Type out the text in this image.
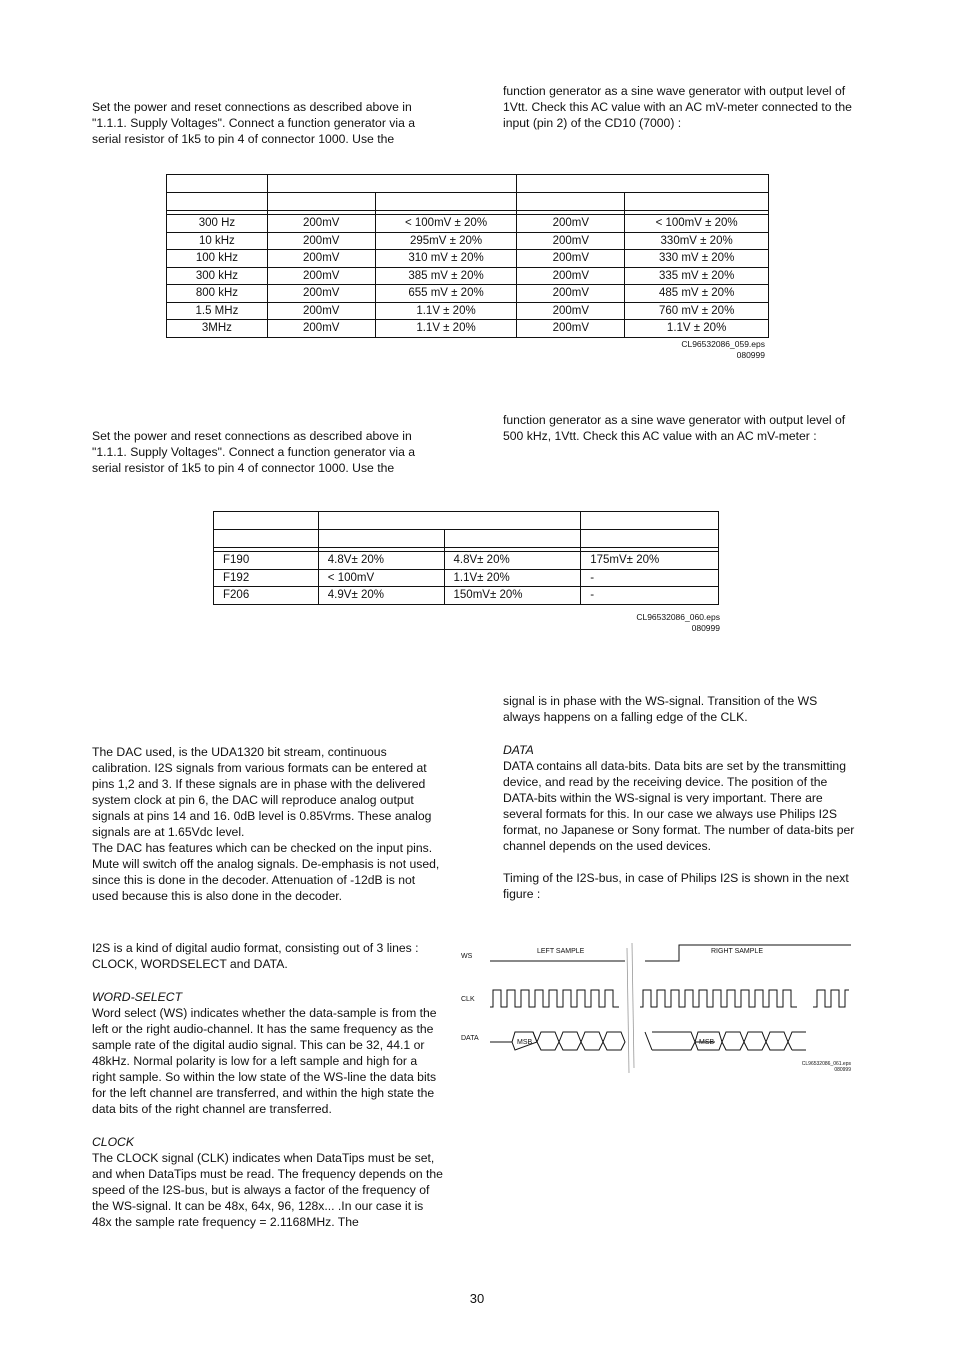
Set the power and reset connections as described above in "1.1.1. Supply Voltages". Connect a function generator via a serial resistor of 1k5 to pin 4 of connector 1000. Use the

function generator as a sine wave generator with output level of 1Vtt. Check this AC value with an AC mV-meter connected to the input (pin 2) of the CD10 (7000) :

300 Hz	200mV	< 100mV ± 20%	200mV	< 100mV ± 20%
10 kHz	200mV	295mV ± 20%	200mV	330mV ± 20%
100 kHz	200mV	310 mV ± 20%	200mV	330 mV ± 20%
300 kHz	200mV	385 mV ± 20%	200mV	335 mV ± 20%
800 kHz	200mV	655 mV ± 20%	200mV	485 mV ± 20%
1.5 MHz	200mV	1.1V ± 20%	200mV	760 mV ± 20%
3MHz	200mV	1.1V ± 20%	200mV	1.1V ± 20%
CL96532086_059.eps
080999

Set the power and reset connections as described above in "1.1.1. Supply Voltages". Connect a function generator via a serial resistor of 1k5 to pin 4 of connector 1000. Use the

function generator as a sine wave generator with output level of 500 kHz, 1Vtt. Check this AC value with an AC mV-meter :

F190	4.8V± 20%	4.8V± 20%	175mV± 20%
F192	< 100mV	1.1V± 20%	-
F206	4.9V± 20%	150mV± 20%	-
CL96532086_060.eps
080999

The DAC used, is the UDA1320 bit stream, continuous calibration. I2S signals from various formats can be entered at pins 1,2 and 3. If these signals are in phase with the delivered system clock at pin 6, the DAC will reproduce analog output signals at pins 14 and 16. 0dB level is 0.85Vrms. These analog signals are at 1.65Vdc level.

The DAC has features which can be checked on the input pins. Mute will switch off the analog signals. De-emphasis is not used, since this is done in the decoder. Attenuation of -12dB is not used because this is also done in the decoder.

I2S is a kind of digital audio format, consisting out of 3 lines : CLOCK, WORDSELECT and DATA.

WORD-SELECT

Word select (WS) indicates whether the data-sample is from the left or the right audio-channel. It has the same frequency as the sample rate of the digital audio signal. This can be 32, 44.1 or 48kHz. Normal polarity is low for a left sample and high for a right sample. So within the low state of the WS-line the data bits for the left channel are transferred, and within the high state the data bits of the right channel are transferred.

CLOCK

The CLOCK signal (CLK) indicates when DataTips must be set, and when DataTips must be read. The frequency depends on the speed of the I2S-bus, but is always a factor of the frequency of the WS-signal. It can be 48x, 64x, 96, 128x... .In our case it is 48x the sample rate frequency = 2.1168MHz. The

signal is in phase with the WS-signal. Transition of the WS always happens on a falling edge of the CLK.

DATA

DATA contains all data-bits. Data bits are set by the transmitting device, and read by the receiving device. The position of the DATA-bits within the WS-signal is very important. There are several formats for this. In our case we always use Philips I2S format, no Japanese or Sony format. The number of data-bits per channel depends on the used devices.

Timing of the I2S-bus, in case of Philips I2S is shown in the next figure :

WS
CLK
DATA
LEFT SAMPLE	RIGHT SAMPLE
MSB	MSB
CL96532086_061.eps
080999
30
